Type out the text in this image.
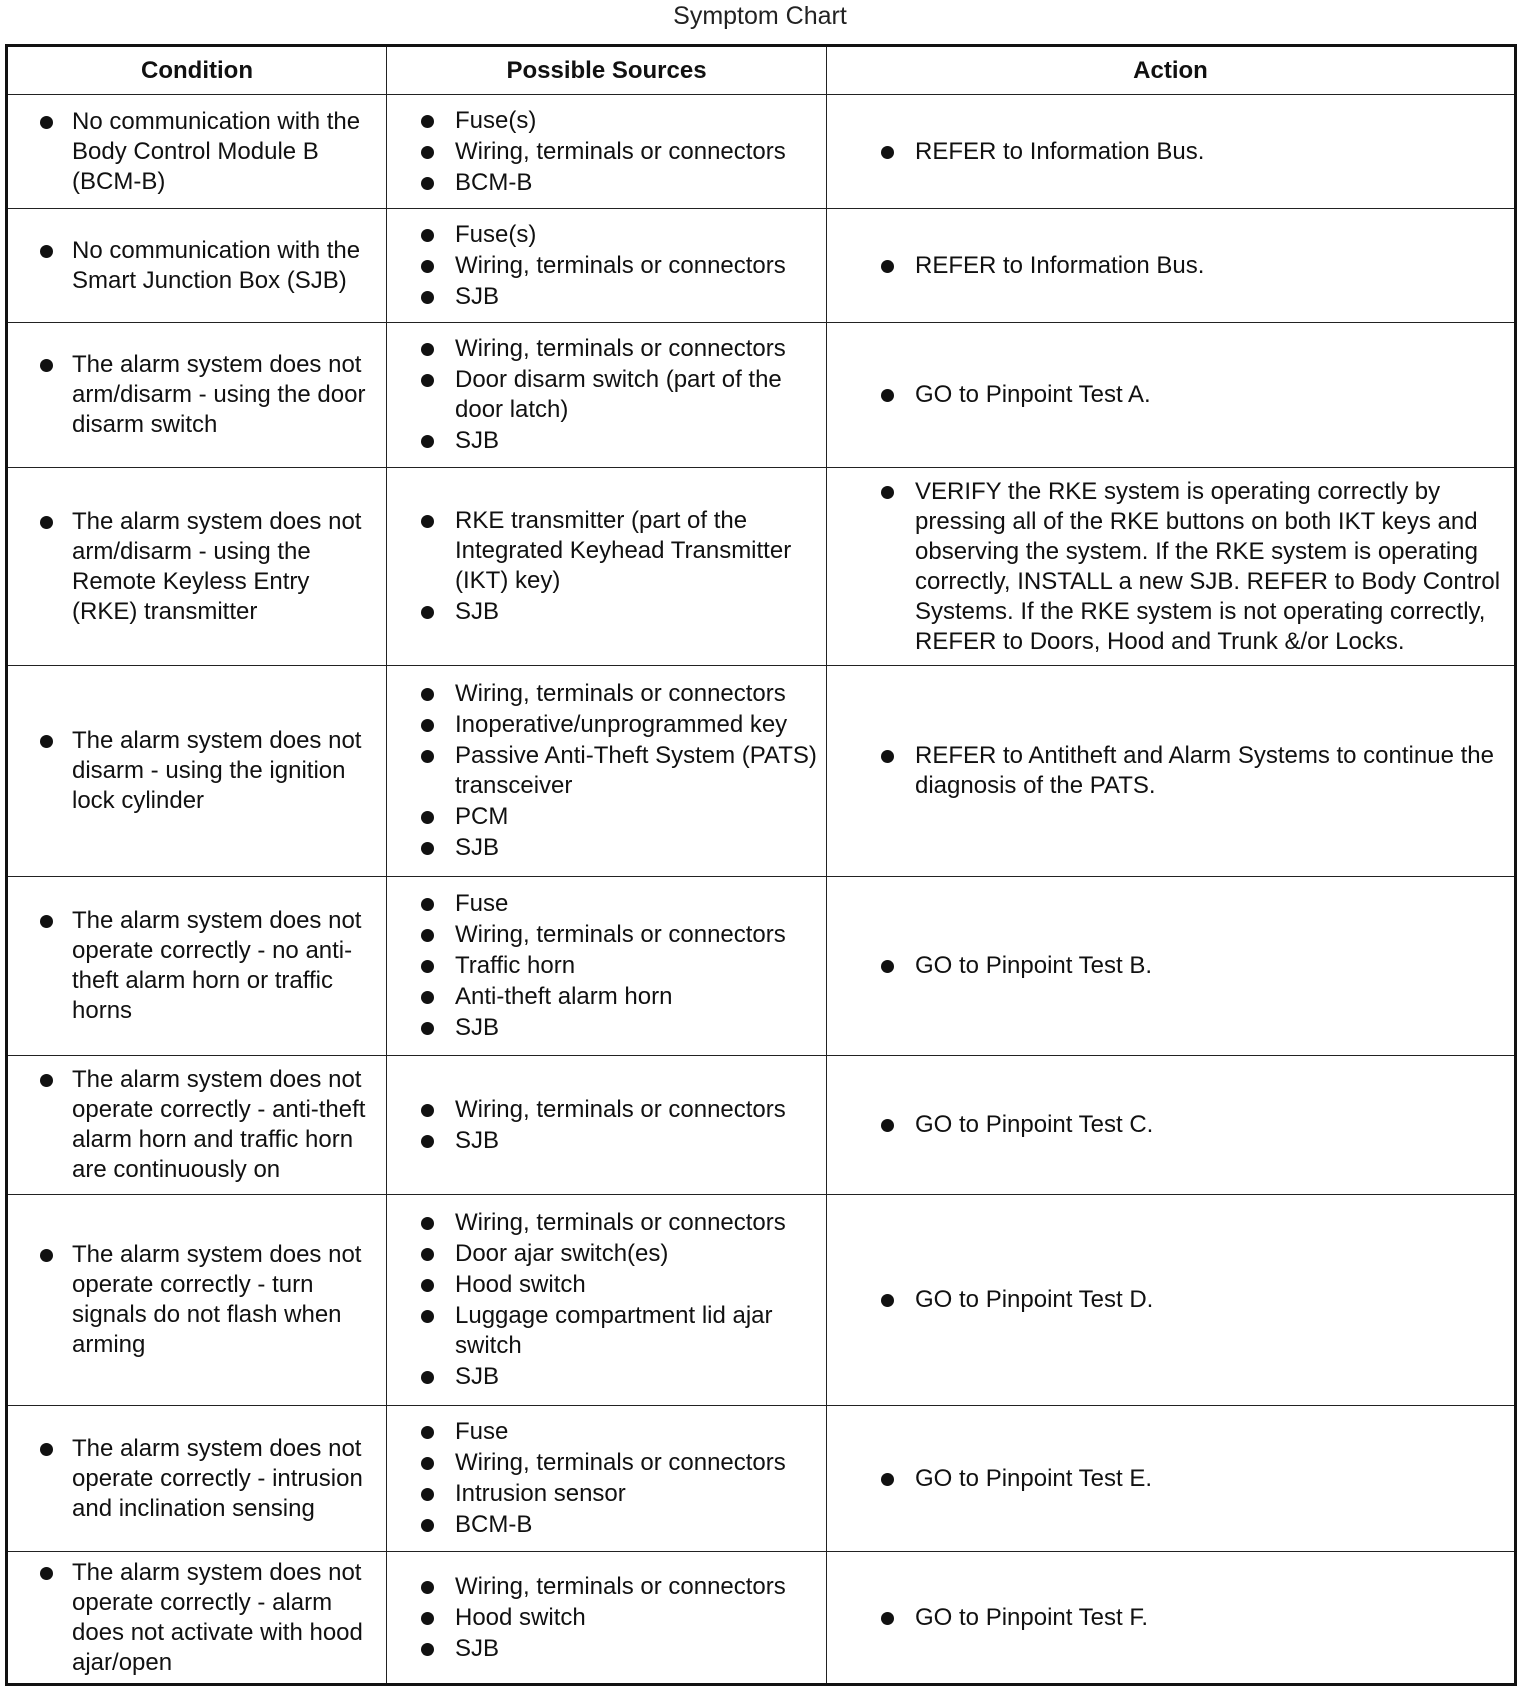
Symptom Chart
Condition	Possible Sources	Action
No communication with the Body Control Module B (BCM-B)
Fuse(s)
Wiring, terminals or connectors
BCM-B
REFER to Information Bus.
No communication with the Smart Junction Box (SJB)
Fuse(s)
Wiring, terminals or connectors
SJB
REFER to Information Bus.
The alarm system does not arm/disarm - using the door disarm switch
Wiring, terminals or connectors
Door disarm switch (part of the door latch)
SJB
GO to Pinpoint Test A.
The alarm system does not arm/disarm - using the Remote Keyless Entry (RKE) transmitter
RKE transmitter (part of the Integrated Keyhead Transmitter (IKT) key)
SJB
VERIFY the RKE system is operating correctly by pressing all of the RKE buttons on both IKT keys and observing the system. If the RKE system is operating correctly, INSTALL a new SJB. REFER to Body Control Systems. If the RKE system is not operating correctly, REFER to Doors, Hood and Trunk &/or Locks.
The alarm system does not disarm - using the ignition lock cylinder
Wiring, terminals or connectors
Inoperative/unprogrammed key
Passive Anti-Theft System (PATS) transceiver
PCM
SJB
REFER to Antitheft and Alarm Systems to continue the diagnosis of the PATS.
The alarm system does not operate correctly - no anti-theft alarm horn or traffic horns
Fuse
Wiring, terminals or connectors
Traffic horn
Anti-theft alarm horn
SJB
GO to Pinpoint Test B.
The alarm system does not operate correctly - anti-theft alarm horn and traffic horn are continuously on
Wiring, terminals or connectors
SJB
GO to Pinpoint Test C.
The alarm system does not operate correctly - turn signals do not flash when arming
Wiring, terminals or connectors
Door ajar switch(es)
Hood switch
Luggage compartment lid ajar switch
SJB
GO to Pinpoint Test D.
The alarm system does not operate correctly - intrusion and inclination sensing
Fuse
Wiring, terminals or connectors
Intrusion sensor
BCM-B
GO to Pinpoint Test E.
The alarm system does not operate correctly - alarm does not activate with hood ajar/open
Wiring, terminals or connectors
Hood switch
SJB
GO to Pinpoint Test F.
